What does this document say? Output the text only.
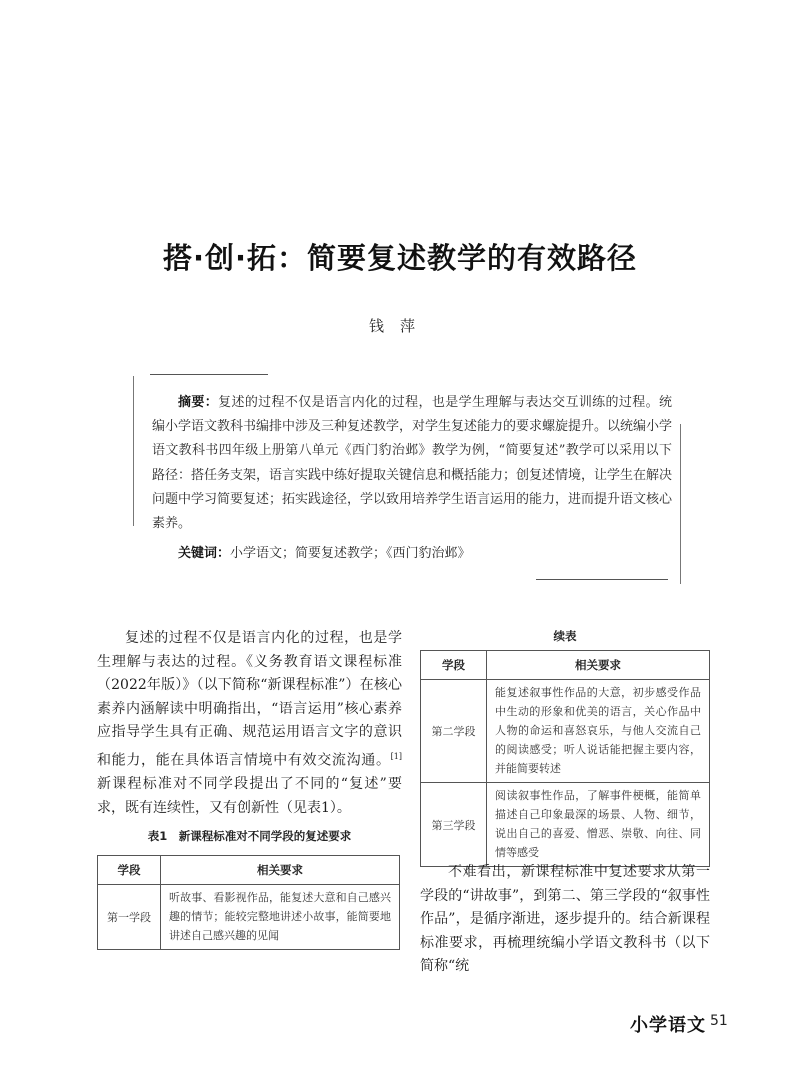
搭·创·拓：简要复述教学的有效路径
钱萍
摘要：复述的过程不仅是语言内化的过程，也是学生理解与表达交互训练的过程。统编小学语文教科书编排中涉及三种复述教学，对学生复述能力的要求螺旋提升。以统编小学语文教科书四年级上册第八单元《西门豹治邺》教学为例，“简要复述”教学可以采用以下路径：搭任务支架，语言实践中练好提取关键信息和概括能力；创复述情境，让学生在解决问题中学习简要复述；拓实践途径，学以致用培养学生语言运用的能力，进而提升语文核心素养。
关键词：小学语文；简要复述教学；《西门豹治邺》
复述的过程不仅是语言内化的过程，也是学生理解与表达的过程。《义务教育语文课程标准（2022年版）》（以下简称“新课程标准”）在核心素养内涵解读中明确指出，“语言运用”核心素养应指导学生具有正确、规范运用语言文字的意识和能力，能在具体语言情境中有效交流沟通。[1]新课程标准对不同学段提出了不同的“复述”要求，既有连续性，又有创新性（见表1）。
表1　新课程标准对不同学段的复述要求
学段	相关要求
第一学段	听故事、看影视作品，能复述大意和自己感兴趣的情节；能较完整地讲述小故事，能简要地讲述自己感兴趣的见闻
续表
学段	相关要求
第二学段	能复述叙事性作品的大意，初步感受作品中生动的形象和优美的语言，关心作品中人物的命运和喜怒哀乐，与他人交流自己的阅读感受；听人说话能把握主要内容，并能简要转述
第三学段	阅读叙事性作品，了解事件梗概，能简单描述自己印象最深的场景、人物、细节，说出自己的喜爱、憎恶、崇敬、向往、同情等感受
不难看出，新课程标准中复述要求从第一学段的“讲故事”，到第二、第三学段的“叙事性作品”，是循序渐进，逐步提升的。结合新课程标准要求，再梳理统编小学语文教科书（以下简称“统
小学语文 51
